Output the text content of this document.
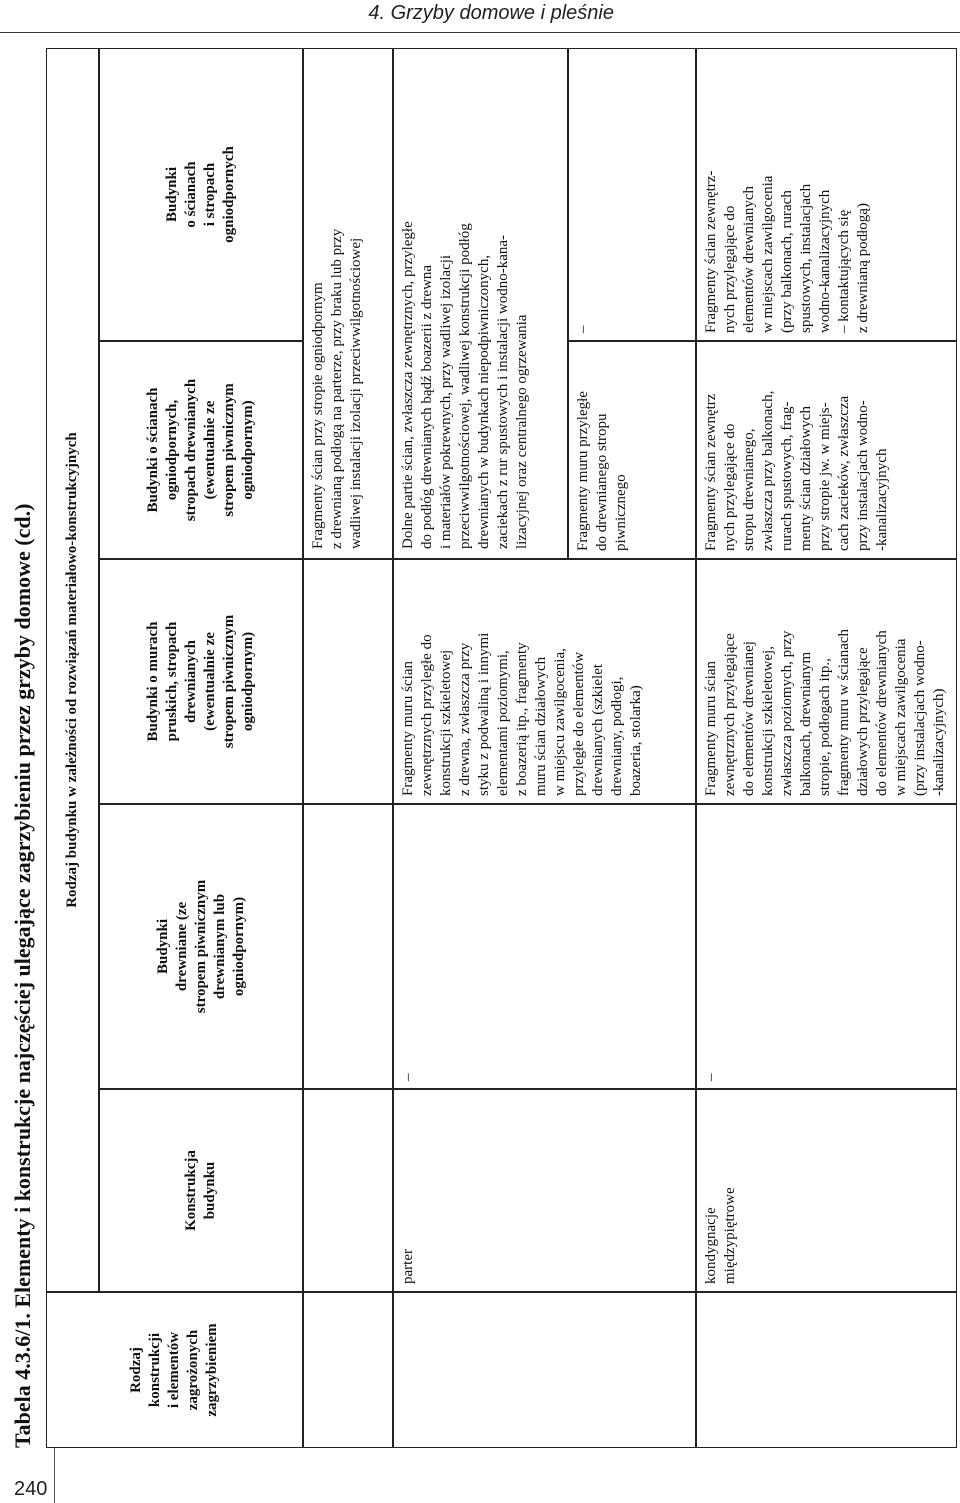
4. Grzyby domowe i pleśnie
240
Tabela 4.3.6/1. Elementy i konstrukcje najczęściej ulegające zagrzybieniu przez grzyby domowe (cd.)	Rodzaj
konstrukcji
i elementów
zagrożonych
zagrzybieniem
Rodzaj budynku w zależności od rozwiązań materiałowo-konstrukcyjnych
Konstrukcja
budynku
Budynki
drewniane (ze
stropem piwnicznym
drewnianym lub
ogniodpornym)
Budynki o murach
pruskich, stropach
drewnianych
(ewentualnie ze
stropem piwnicznym
ogniodpornym)
Budynki o ścianach
ogniodpornych,
stropach drewnianych
(ewentualnie ze
stropem piwnicznym
ogniodpornym)
Budynki
o ścianach
i stropach
ogniodpornych
Fragmenty ścian przy stropie ogniodpornym
z drewnianą podłogą na parterze, przy braku lub przy
wadliwej instalacji izolacji przeciwwilgotnościowej
parter
–
Fragmenty muru ścian
zewnętrznych przyległe do
konstrukcji szkieletowej
z drewna, zwłaszcza przy
styku z podwaliną i innymi
elementami poziomymi,
z boazerią itp., fragmenty
muru ścian działowych
w miejscu zawilgocenia,
przyległe do elementów
drewnianych (szkielet
drewniany, podłogi,
boazeria, stolarka)
Dolne partie ścian, zwłaszcza zewnętrznych, przyległe
do podłóg drewnianych bądź boazerii z drewna
i materiałów pokrewnych, przy wadliwej izolacji
przeciwwilgotnościowej, wadliwej konstrukcji podłóg
drewnianych w budynkach niepodpiwniczonych,
zaciekach z rur spustowych i instalacji wodno-kana-
lizacyjnej oraz centralnego ogrzewania
Fragmenty muru przyległe
do drewnianego stropu
piwnicznego
–
kondygnacje
międzypiętrowe
–
Fragmenty muru ścian
zewnętrznych przylegające
do elementów drewnianej
konstrukcji szkieletowej,
zwłaszcza poziomych, przy
balkonach, drewnianym
stropie, podłogach itp.,
fragmenty muru w ścianach
działowych przylegające
do elementów drewnianych
w miejscach zawilgocenia
(przy instalacjach wodno-
-kanalizacyjnych)
Fragmenty ścian zewnętrz
nych przylegające do
stropu drewnianego,
zwłaszcza przy balkonach,
rurach spustowych, frag-
menty ścian działowych
przy stropie jw. w miejs-
cach zacieków, zwłaszcza
przy instalacjach wodno-
-kanalizacyjnych
Fragmenty ścian zewnętrz-
nych przylegające do
elementów drewnianych
w miejscach zawilgocenia
(przy balkonach, rurach
spustowych, instalacjach
wodno-kanalizacyjnych
– kontaktujących się
z drewnianą podłogą)
